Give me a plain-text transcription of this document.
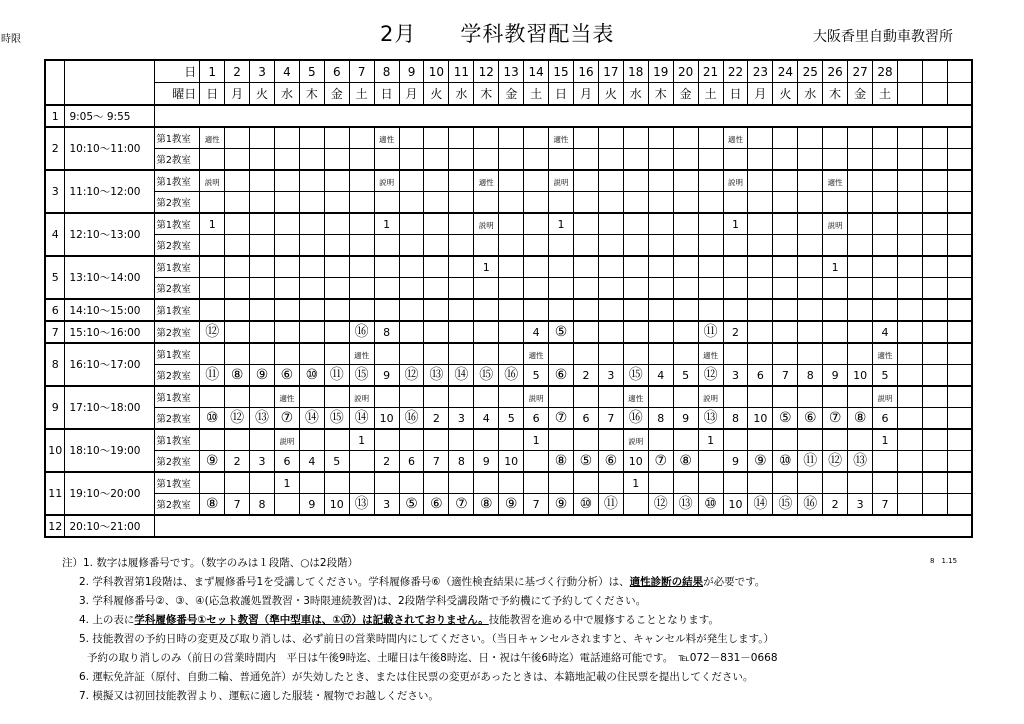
2月 学科教習配当表	大阪香里自動車教習所
		日	1	2	3	4	5	6	7	8	9	10	11	12	13	14	15	16	17	18	19	20	21	22	23	24	25	26	27	28			
		曜日	日	月	火	水	木	金	土	日	月	火	水	木	金	土	日	月	火	水	木	金	土	日	月	火	水	木	金	土			
1	9:05～ 9:55																																
2	10:10～11:00	第1教室	適性							適性							適性							適性									
		第2教室																															
3	11:10～12:00	第1教室	説明							説明				適性			説明							説明				適性					
		第2教室																															
4	12:10～13:00	第1教室	1							1				説明			1							1				説明					
		第2教室																															
5	13:10～14:00	第1教室												1														1					
		第2教室																															
6	14:10～15:00	第1教室																															
7	15:10～16:00	第2教室	⑫						⑯	8						4	⑤						⑪	2						4			
8	16:10～17:00	第1教室							適性							適性							適性							適性			
		第2教室	⑪	⑧	⑨	⑥	⑩	⑪	⑮	9	⑫	⑬	⑭	⑮	⑯	5	⑥	2	3	⑮	4	5	⑫	3	6	7	8	9	10	5			
9	17:10～18:00	第1教室				適性			説明							説明				適性			説明							説明			
		第2教室	⑩	⑫	⑬	⑦	⑭	⑮	⑭	10	⑯	2	3	4	5	6	⑦	6	7	⑯	8	9	⑬	8	10	⑤	⑥	⑦	⑧	6			
10	18:10～19:00	第1教室				説明			1							1				説明			1							1			
		第2教室	⑨	2	3	6	4	5		2	6	7	8	9	10		⑧	⑤	⑥	10	⑦	⑧		9	⑨	⑩	⑪	⑫	⑬				
11	19:10～20:00	第1教室				1														1													
		第2教室	⑧	7	8		9	10	⑬	3	⑤	⑥	⑦	⑧	⑨	7	⑨	⑩	⑪		⑫	⑬	⑩	10	⑭	⑮	⑯	2	3	7			
12	20:10～21:00																																
8　1.15
注）1. 数字は履修番号です。（数字のみは１段階、○は2段階）
2. 学科教習第1段階は、まず履修番号1を受講してください。学科履修番号⑥（適性検査結果に基づく行動分析）は、適性診断の結果が必要です。
3. 学科履修番号②、③、④(応急救護処置教習・3時限連続教習)は、2段階学科受講段階で予約機にて予約してください。
4. 上の表に学科履修番号①セット教習（準中型車は、①⑰）は記載されておりません。技能教習を進める中で履修することとなります。
5. 技能教習の予約日時の変更及び取り消しは、必ず前日の営業時間内にしてください。（当日キャンセルされますと、キャンセル料が発生します。）
予約の取り消しのみ（前日の営業時間内　平日は午後9時迄、土曜日は午後8時迄、日・祝は午後6時迄）電話連絡可能です。　℡072－831－0668
6. 運転免許証（原付、自動二輪、普通免許）が失効したとき、または住民票の変更があったときは、本籍地記載の住民票を提出してください。
7. 模擬又は初回技能教習より、運転に適した服装・履物でお越しください。
時限
